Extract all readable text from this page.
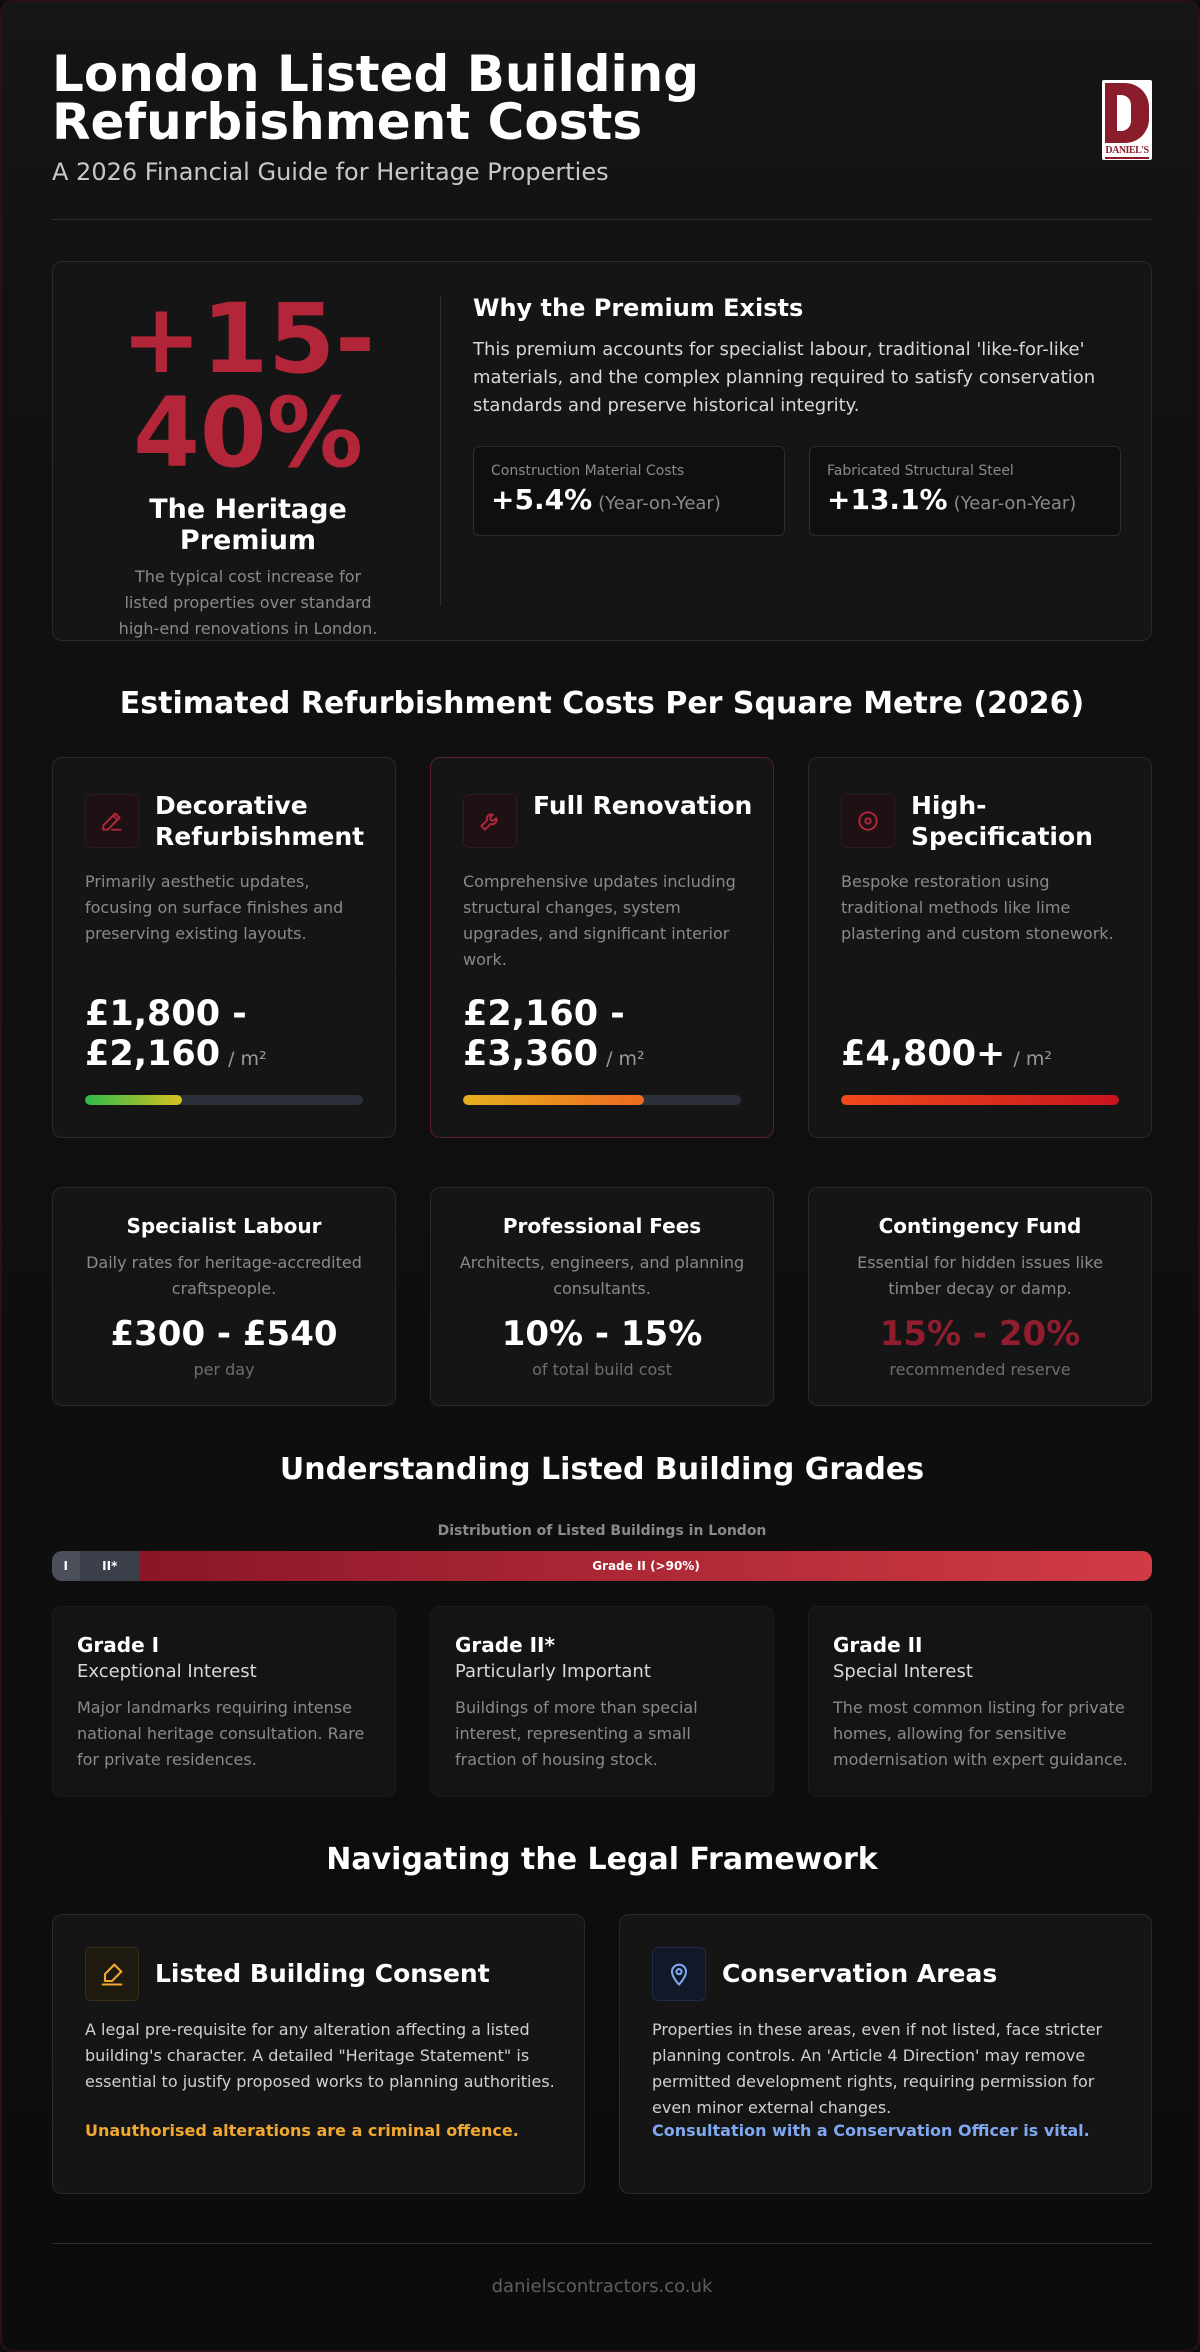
London Listed Building
Refurbishment Costs
A 2026 Financial Guide for Heritage Properties
DANIEL'S
+15-
40%
The Heritage Premium
The typical cost increase for listed properties over standard high-end renovations in London.
Why the Premium Exists
This premium accounts for specialist labour, traditional 'like-for-like' materials, and the complex planning required to satisfy conservation standards and preserve historical integrity.
Construction Material Costs
+5.4% (Year-on-Year)
Fabricated Structural Steel
+13.1% (Year-on-Year)
Estimated Refurbishment Costs Per Square Metre (2026)
Decorative Refurbishment
Primarily aesthetic updates, focusing on surface finishes and preserving existing layouts.
£1,800 -
£2,160 / m²
Full Renovation
Comprehensive updates including structural changes, system upgrades, and significant interior work.
£2,160 -
£3,360 / m²
High-Specification
Bespoke restoration using traditional methods like lime plastering and custom stonework.
£4,800+ / m²
Specialist Labour
Daily rates for heritage-accredited craftspeople.
£300 - £540
per day
Professional Fees
Architects, engineers, and planning consultants.
10% - 15%
of total build cost
Contingency Fund
Essential for hidden issues like timber decay or damp.
15% - 20%
recommended reserve
Understanding Listed Building Grades
Distribution of Listed Buildings in London
I	II*	Grade II (>90%)
Grade I
Exceptional Interest
Major landmarks requiring intense national heritage consultation. Rare for private residences.
Grade II*
Particularly Important
Buildings of more than special interest, representing a small fraction of housing stock.
Grade II
Special Interest
The most common listing for private homes, allowing for sensitive modernisation with expert guidance.
Navigating the Legal Framework
Listed Building Consent
A legal pre-requisite for any alteration affecting a listed building's character. A detailed "Heritage Statement" is essential to justify proposed works to planning authorities.
Unauthorised alterations are a criminal offence.
Conservation Areas
Properties in these areas, even if not listed, face stricter planning controls. An 'Article 4 Direction' may remove permitted development rights, requiring permission for even minor external changes.
Consultation with a Conservation Officer is vital.
danielscontractors.co.uk
